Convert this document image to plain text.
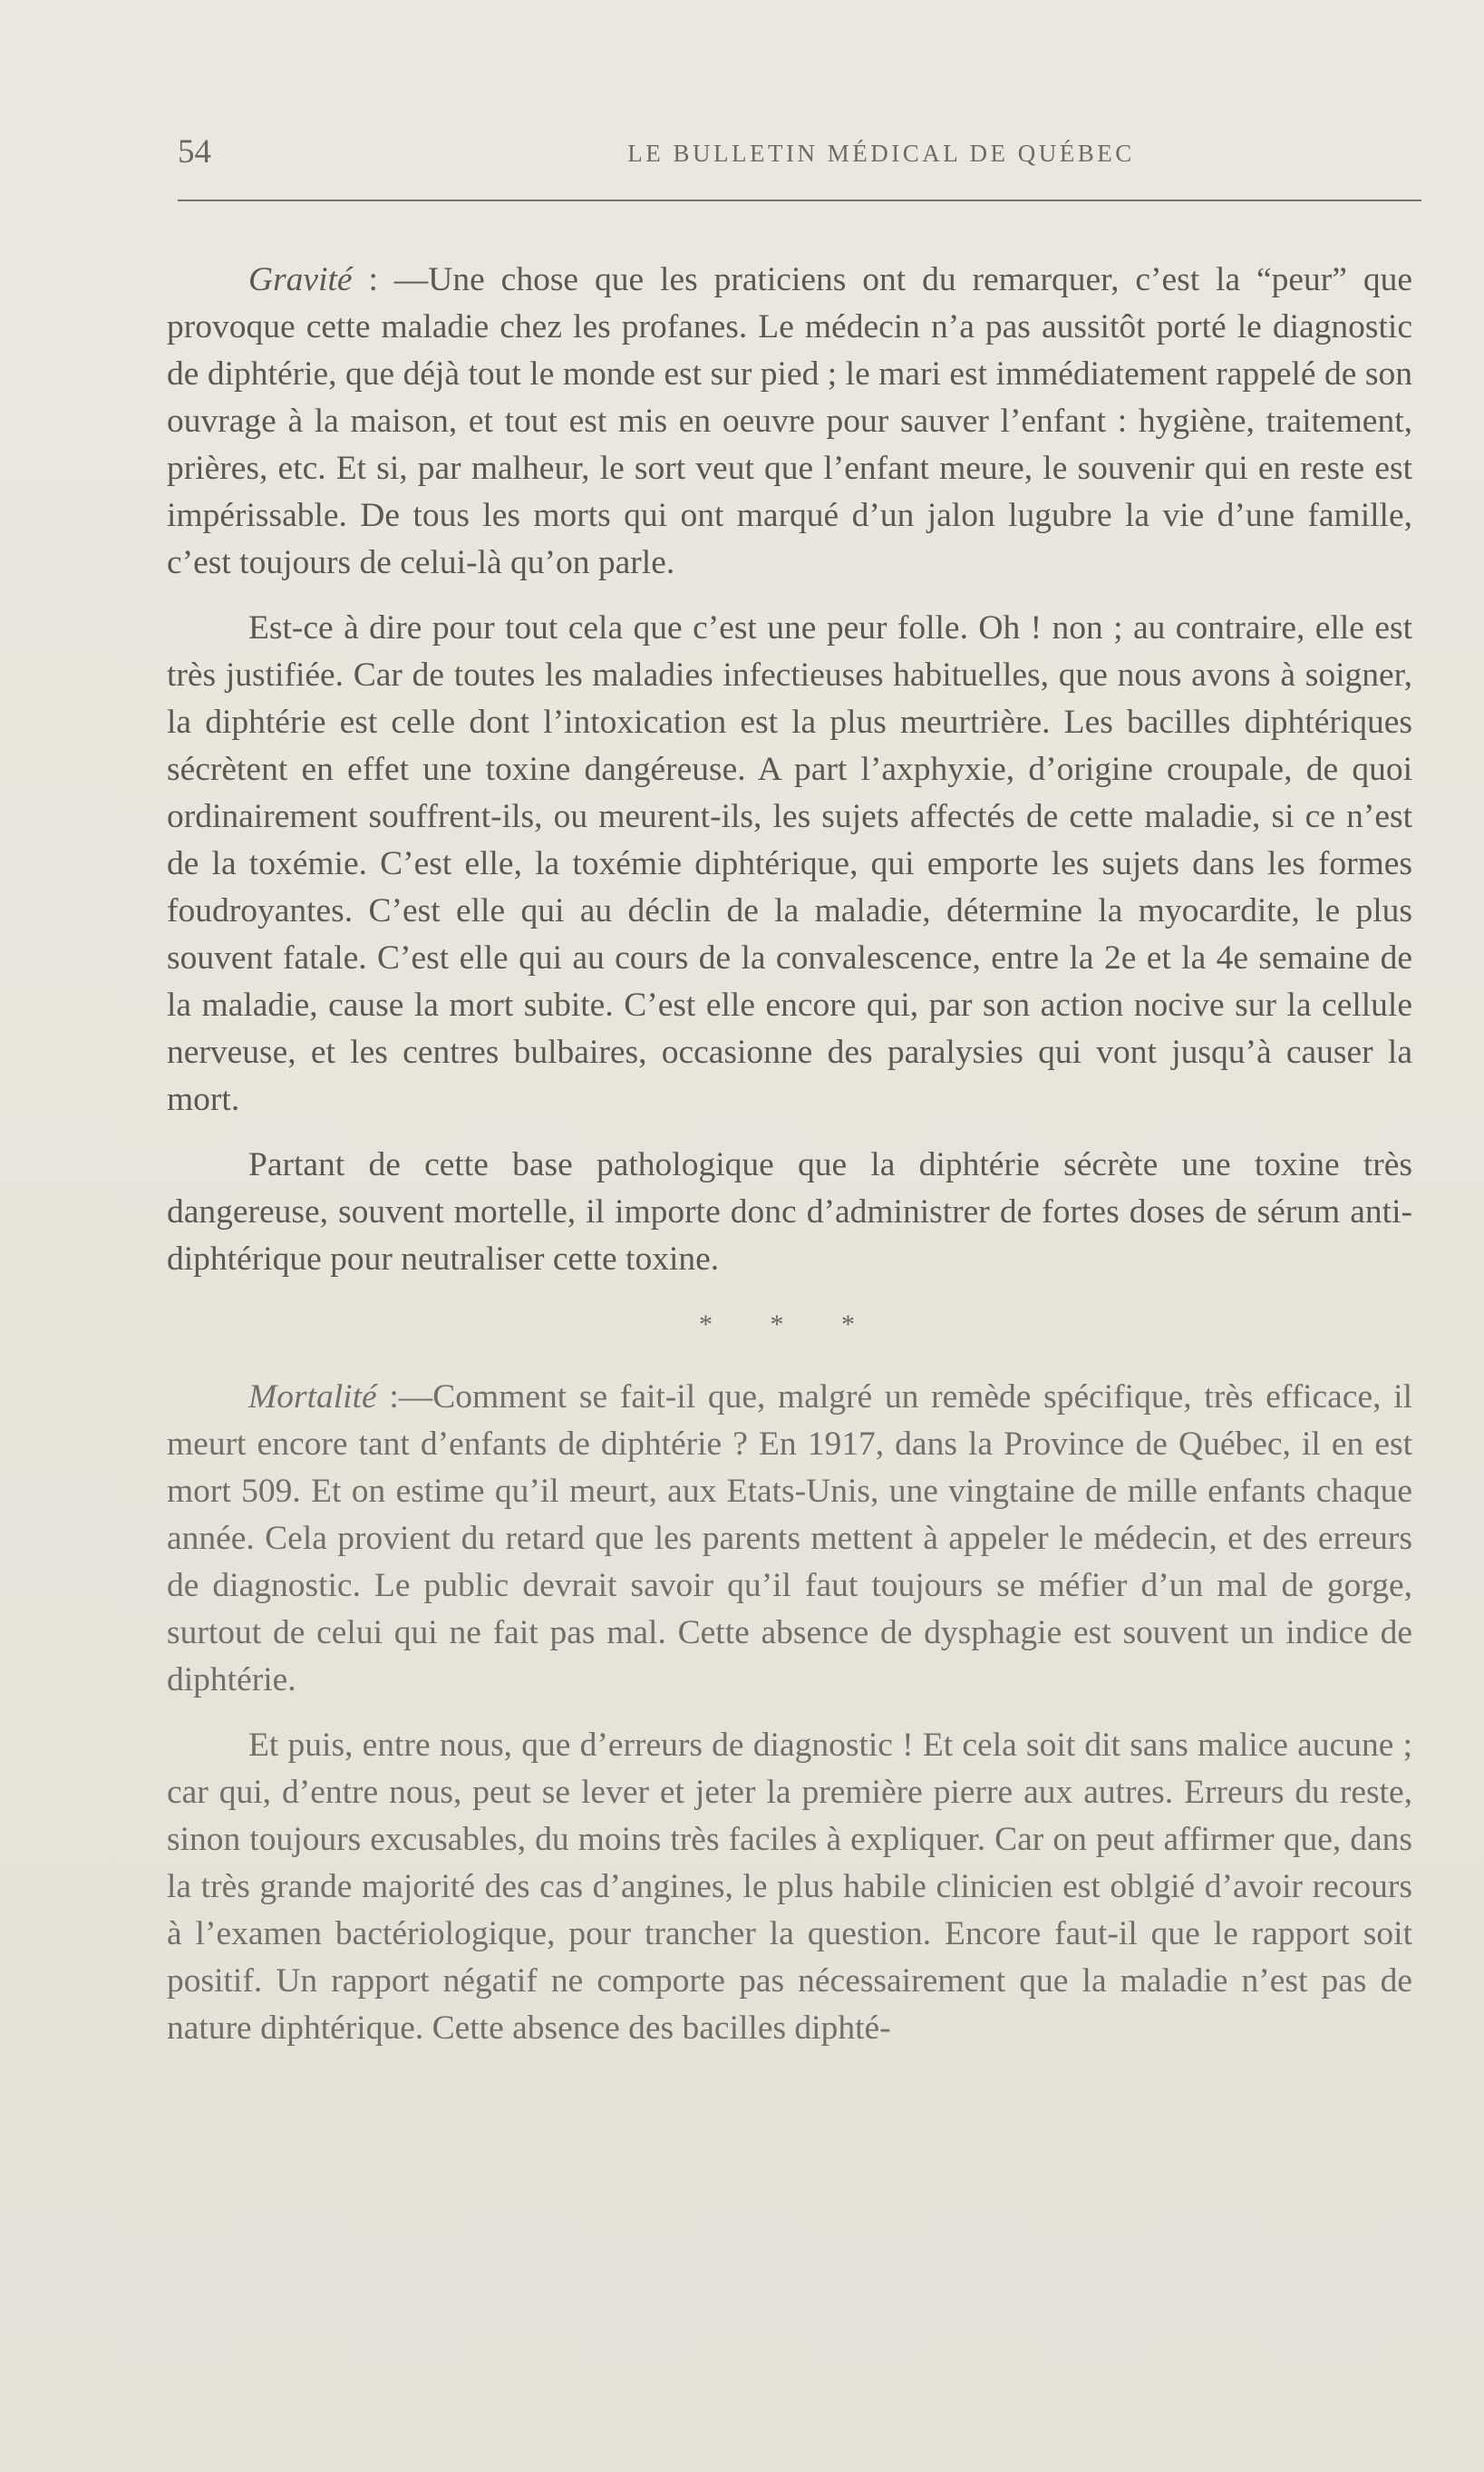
54	LE BULLETIN MÉDICAL DE QUÉBEC

Gravité : —Une chose que les praticiens ont du remarquer, c’est la “peur” que provoque cette maladie chez les profanes. Le médecin n’a pas aussitôt porté le diagnostic de diphtérie, que déjà tout le monde est sur pied ; le mari est immédiatement rappelé de son ouvrage à la maison, et tout est mis en oeuvre pour sauver l’enfant : hygiène, traitement, prières, etc. Et si, par malheur, le sort veut que l’enfant meure, le souvenir qui en reste est impérissable. De tous les morts qui ont marqué d’un jalon lugubre la vie d’une famille, c’est toujours de celui-là qu’on parle.

Est-ce à dire pour tout cela que c’est une peur folle. Oh ! non ; au contraire, elle est très justifiée. Car de toutes les maladies infectieuses habituelles, que nous avons à soigner, la diphtérie est celle dont l’intoxication est la plus meurtrière. Les bacilles diphtériques sécrètent en effet une toxine dangéreuse. A part l’axphyxie, d’origine croupale, de quoi ordinairement souffrent-ils, ou meurent-ils, les sujets affectés de cette maladie, si ce n’est de la toxémie. C’est elle, la toxémie diphtérique, qui emporte les sujets dans les formes foudroyantes. C’est elle qui au déclin de la maladie, détermine la myocardite, le plus souvent fatale. C’est elle qui au cours de la convalescence, entre la 2e et la 4e semaine de la maladie, cause la mort subite. C’est elle encore qui, par son action nocive sur la cellule nerveuse, et les centres bulbaires, occasionne des paralysies qui vont jusqu’à causer la mort.

Partant de cette base pathologique que la diphtérie sécrète une toxine très dangereuse, souvent mortelle, il importe donc d’administrer de fortes doses de sérum anti-diphtérique pour neutraliser cette toxine.

* * *

Mortalité :—Comment se fait-il que, malgré un remède spécifique, très efficace, il meurt encore tant d’enfants de diphtérie ? En 1917, dans la Province de Québec, il en est mort 509. Et on estime qu’il meurt, aux Etats-Unis, une vingtaine de mille enfants chaque année. Cela provient du retard que les parents mettent à appeler le médecin, et des erreurs de diagnostic. Le public devrait savoir qu’il faut toujours se méfier d’un mal de gorge, surtout de celui qui ne fait pas mal. Cette absence de dysphagie est souvent un indice de diphtérie.

Et puis, entre nous, que d’erreurs de diagnostic ! Et cela soit dit sans malice aucune ; car qui, d’entre nous, peut se lever et jeter la première pierre aux autres. Erreurs du reste, sinon toujours excusables, du moins très faciles à expliquer. Car on peut affirmer que, dans la très grande majorité des cas d’angines, le plus habile clinicien est oblgié d’avoir recours à l’examen bactériologique, pour trancher la question. Encore faut-il que le rapport soit positif. Un rapport négatif ne comporte pas nécessairement que la maladie n’est pas de nature diphtérique. Cette absence des bacilles diphté-
